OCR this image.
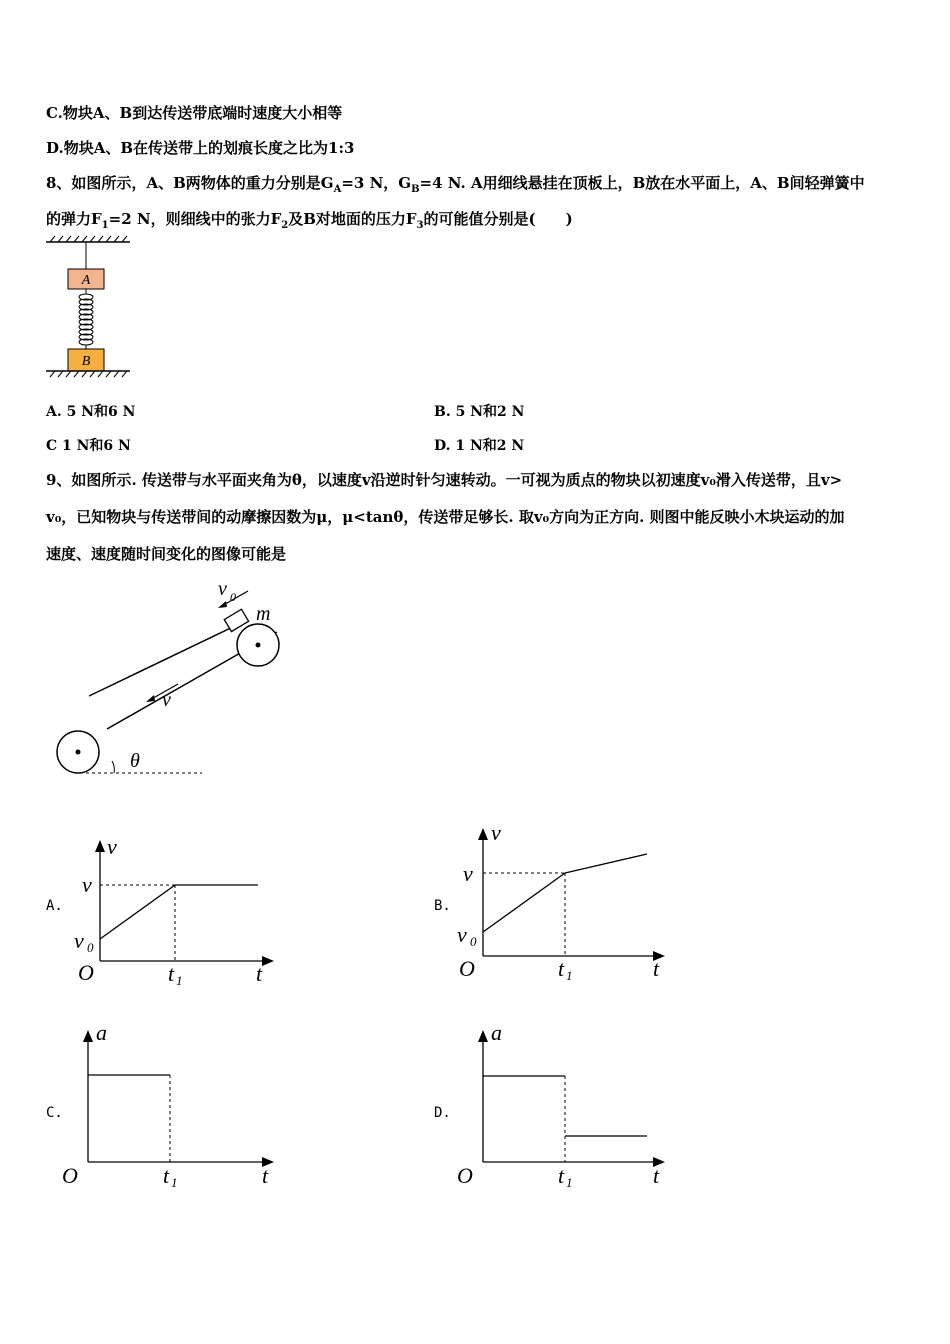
C.物块A、B到达传送带底端时速度大小相等
D.物块A、B在传送带上的划痕长度之比为1:3
8、如图所示，A、B两物体的重力分别是$G_A=3$ N，$G_B=4$ N. A用细线悬挂在顶板上，B放在水平面上，A、B间轻弹簧中
的弹力$F_1=2$ N，则细线中的张力$F_2$及B对地面的压力$F_3$的可能值分别是(　　)
A
B
A. 5 N和6 N	B. 5 N和2 N
C 1 N和6 N	D. 1 N和2 N
9、如图所示. 传送带与水平面夹角为θ，以速度v沿逆时针匀速转动。一可视为质点的物块以初速度v₀滑入传送带，且v>
v₀，已知物块与传送带间的动摩擦因数为μ，μ<tanθ，传送带足够长. 取v₀方向为正方向. 则图中能反映小木块运动的加
速度、速度随时间变化的图像可能是
v 0
m
v
θ
A.
v
v
v 0
O	t 1	t
B.
v
v
v 0
O	t 1	t
C.
a
O	t 1	t
D.
a
O	t 1	t
